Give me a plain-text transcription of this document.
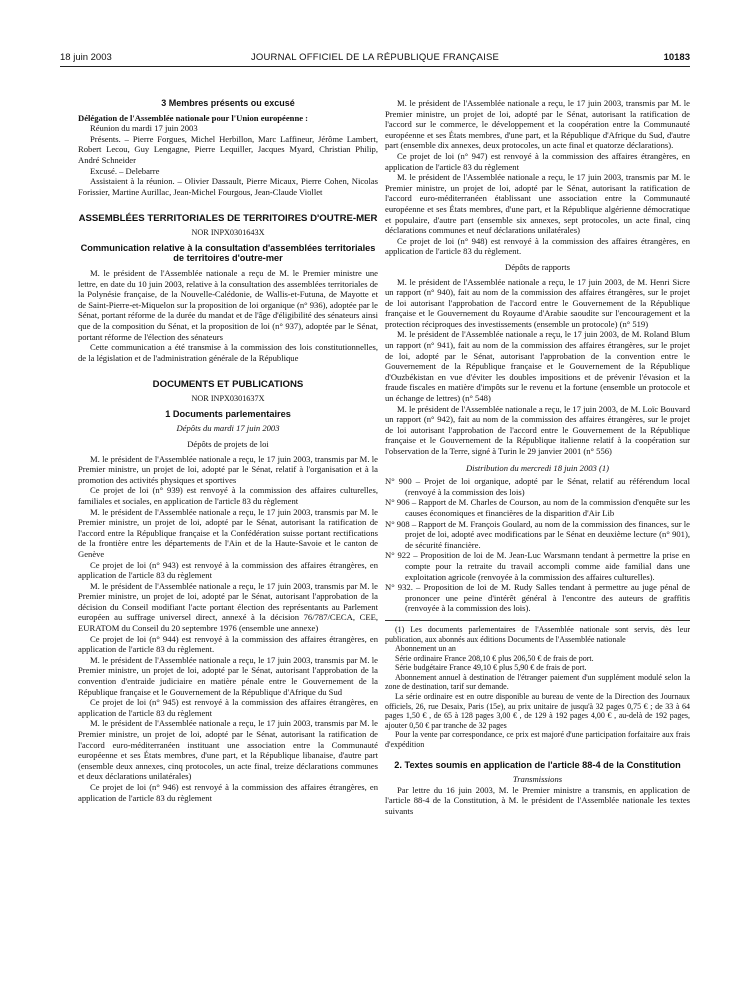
18 juin 2003	JOURNAL OFFICIEL DE LA RÉPUBLIQUE FRANÇAISE	10183
3 Membres présents ou excusé

Délégation de l'Assemblée nationale pour l'Union européenne :

Réunion du mardi 17 juin 2003

Présents. – Pierre Forgues, Michel Herbillon, Marc Laffineur, Jérôme Lambert, Robert Lecou, Guy Lengagne, Pierre Lequiller, Jacques Myard, Christian Philip, André Schneider

Excusé. – Delebarre

Assistaient à la réunion. – Olivier Dassault, Pierre Micaux, Pierre Cohen, Nicolas Forissier, Martine Aurillac, Jean-Michel Fourgous, Jean-Claude Viollet

ASSEMBLÉES TERRITORIALES DE TERRITOIRES D'OUTRE-MER
NOR INPX0301643X
Communication relative à la consultation d'assemblées territoriales de territoires d'outre-mer

M. le président de l'Assemblée nationale a reçu de M. le Premier ministre une lettre, en date du 10 juin 2003, relative à la consultation des assemblées territoriales de la Polynésie française, de la Nouvelle-Calédonie, de Wallis-et-Futuna, de Mayotte et de Saint-Pierre-et-Miquelon sur la proposition de loi organique (n° 936), adoptée par le Sénat, portant réforme de la durée du mandat et de l'âge d'éligibilité des sénateurs ainsi que de la composition du Sénat, et la proposition de loi (n° 937), adoptée par le Sénat, portant réforme de l'élection des sénateurs

Cette communication a été transmise à la commission des lois constitutionnelles, de la législation et de l'administration générale de la République

DOCUMENTS ET PUBLICATIONS
NOR INPX0301637X
1 Documents parlementaires
Dépôts du mardi 17 juin 2003
Dépôts de projets de loi

M. le président de l'Assemblée nationale a reçu, le 17 juin 2003, transmis par M. le Premier ministre, un projet de loi, adopté par le Sénat, relatif à l'organisation et à la promotion des activités physiques et sportives

Ce projet de loi (n° 939) est renvoyé à la commission des affaires culturelles, familiales et sociales, en application de l'article 83 du règlement

M. le président de l'Assemblée nationale a reçu, le 17 juin 2003, transmis par M. le Premier ministre, un projet de loi, adopté par le Sénat, autorisant la ratification de l'accord entre la République française et la Confédération suisse portant rectifications de la frontière entre les départements de l'Ain et de la Haute-Savoie et le canton de Genève

Ce projet de loi (n° 943) est renvoyé à la commission des affaires étrangères, en application de l'article 83 du règlement

M. le président de l'Assemblée nationale a reçu, le 17 juin 2003, transmis par M. le Premier ministre, un projet de loi, adopté par le Sénat, autorisant l'approbation de la décision du Conseil modifiant l'acte portant élection des représentants au Parlement européen au suffrage universel direct, annexé à la décision 76/787/CECA, CEE, EURATOM du Conseil du 20 septembre 1976 (ensemble une annexe)

Ce projet de loi (n° 944) est renvoyé à la commission des affaires étrangères, en application de l'article 83 du règlement.

M. le président de l'Assemblée nationale a reçu, le 17 juin 2003, transmis par M. le Premier ministre, un projet de loi, adopté par le Sénat, autorisant l'approbation de la convention d'entraide judiciaire en matière pénale entre le Gouvernement de la République française et le Gouvernement de la République d'Afrique du Sud

Ce projet de loi (n° 945) est renvoyé à la commission des affaires étrangères, en application de l'article 83 du règlement

M. le président de l'Assemblée nationale a reçu, le 17 juin 2003, transmis par M. le Premier ministre, un projet de loi, adopté par le Sénat, autorisant la ratification de l'accord euro-méditerranéen instituant une association entre la Communauté européenne et ses États membres, d'une part, et la République libanaise, d'autre part (ensemble deux annexes, cinq protocoles, un acte final, treize déclarations communes et deux déclarations unilatérales)

Ce projet de loi (n° 946) est renvoyé à la commission des affaires étrangères, en application de l'article 83 du règlement

M. le président de l'Assemblée nationale a reçu, le 17 juin 2003, transmis par M. le Premier ministre, un projet de loi, adopté par le Sénat, autorisant la ratification de l'accord sur le commerce, le développement et la coopération entre la Communauté européenne et ses États membres, d'une part, et la République d'Afrique du Sud, d'autre part (ensemble dix annexes, deux protocoles, un acte final et quatorze déclarations).

Ce projet de loi (n° 947) est renvoyé à la commission des affaires étrangères, en application de l'article 83 du règlement

M. le président de l'Assemblée nationale a reçu, le 17 juin 2003, transmis par M. le Premier ministre, un projet de loi, adopté par le Sénat, autorisant la ratification de l'accord euro-méditerranéen établissant une association entre la Communauté européenne et ses États membres, d'une part, et la République algérienne démocratique et populaire, d'autre part (ensemble six annexes, sept protocoles, un acte final, cinq déclarations communes et neuf déclarations unilatérales)

Ce projet de loi (n° 948) est renvoyé à la commission des affaires étrangères, en application de l'article 83 du règlement.

Dépôts de rapports

M. le président de l'Assemblée nationale a reçu, le 17 juin 2003, de M. Henri Sicre un rapport (n° 940), fait au nom de la commission des affaires étrangères, sur le projet de loi autorisant l'approbation de l'accord entre le Gouvernement de la République française et le Gouvernement du Royaume d'Arabie saoudite sur l'encouragement et la protection réciproques des investissements (ensemble un protocole) (n° 519)

M. le président de l'Assemblée nationale a reçu, le 17 juin 2003, de M. Roland Blum un rapport (n° 941), fait au nom de la commission des affaires étrangères, sur le projet de loi, adopté par le Sénat, autorisant l'approbation de la convention entre le Gouvernement de la République française et le Gouvernement de la République d'Ouzbékistan en vue d'éviter les doubles impositions et de prévenir l'évasion et la fraude fiscales en matière d'impôts sur le revenu et la fortune (ensemble un protocole et un échange de lettres) (n° 548)

M. le président de l'Assemblée nationale a reçu, le 17 juin 2003, de M. Loïc Bouvard un rapport (n° 942), fait au nom de la commission des affaires étrangères, sur le projet de loi autorisant l'approbation de l'accord entre le Gouvernement de la République française et le Gouvernement de la République italienne relatif à la coopération sur l'observation de la Terre, signé à Turin le 29 janvier 2001 (n° 556)

Distribution du mercredi 18 juin 2003 (1)

N° 900 – Projet de loi organique, adopté par le Sénat, relatif au référendum local (renvoyé à la commission des lois)

N° 906 – Rapport de M. Charles de Courson, au nom de la commission d'enquête sur les causes économiques et financières de la disparition d'Air Lib

N° 908 – Rapport de M. François Goulard, au nom de la commission des finances, sur le projet de loi, adopté avec modifications par le Sénat en deuxième lecture (n° 901), de sécurité financière.

N° 922 – Proposition de loi de M. Jean-Luc Warsmann tendant à permettre la prise en compte pour la retraite du travail accompli comme aide familial dans une exploitation agricole (renvoyée à la commission des affaires culturelles).

N° 932. – Proposition de loi de M. Rudy Salles tendant à permettre au juge pénal de prononcer une peine d'intérêt général à l'encontre des auteurs de graffitis (renvoyée à la commission des lois).

(1) Les documents parlementaires de l'Assemblée nationale sont servis, dès leur publication, aux abonnés aux éditions Documents de l'Assemblée nationale

Abonnement un an

Série ordinaire France 208,10 € plus 206,50 € de frais de port.

Série budgétaire France 49,10 € plus 5,90 € de frais de port.

Abonnement annuel à destination de l'étranger paiement d'un supplément modulé selon la zone de destination, tarif sur demande.

La série ordinaire est en outre disponible au bureau de vente de la Direction des Journaux officiels, 26, rue Desaix, Paris (15e), au prix unitaire de jusqu'à 32 pages 0,75 € ; de 33 à 64 pages 1,50 € , de 65 à 128 pages 3,00 € , de 129 à 192 pages 4,00 € , au-delà de 192 pages, ajouter 0,50 € par tranche de 32 pages

Pour la vente par correspondance, ce prix est majoré d'une participation forfaitaire aux frais d'expédition

2. Textes soumis en application de l'article 88-4 de la Constitution
Transmissions

Par lettre du 16 juin 2003, M. le Premier ministre a transmis, en application de l'article 88-4 de la Constitution, à M. le président de l'Assemblée nationale les textes suivants
